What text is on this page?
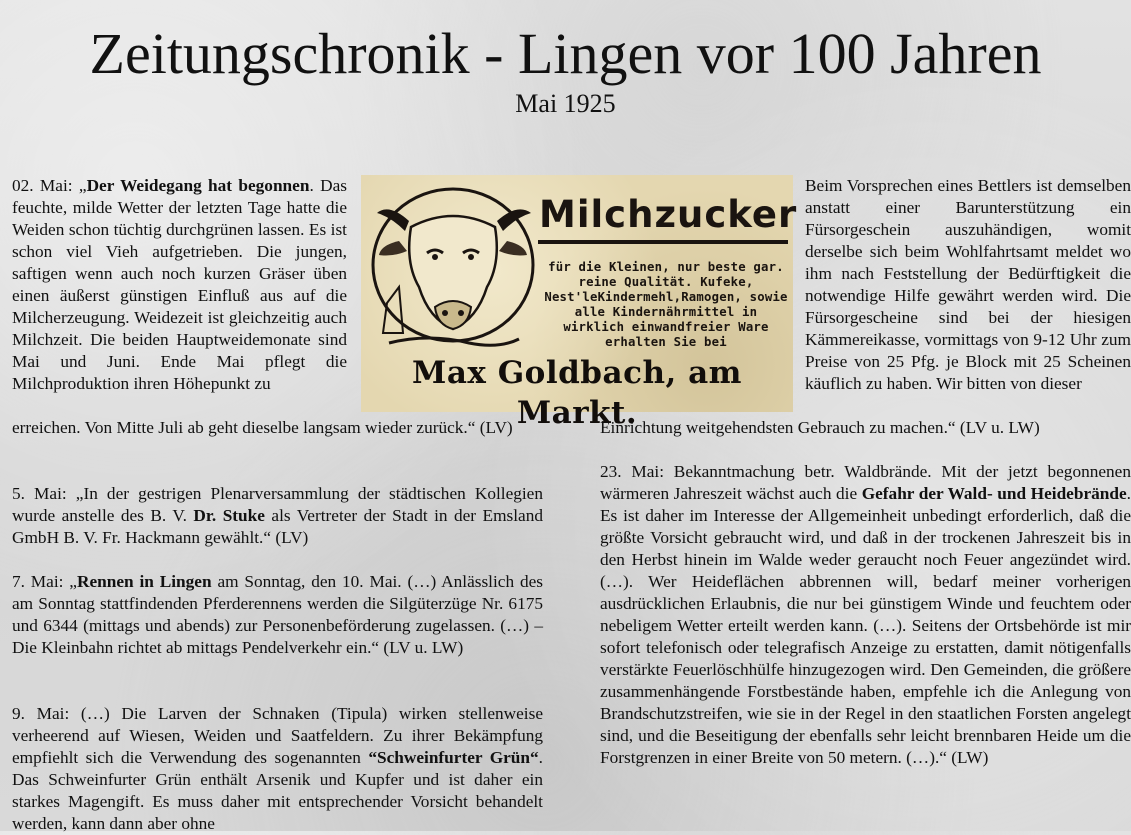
Zeitungschronik - Lingen vor 100 Jahren
Mai 1925

02. Mai: „Der Weidegang hat begonnen. Das feuchte, milde Wetter der letzten Tage hatte die Weiden schon tüchtig durchgrünen lassen. Es ist schon viel Vieh aufgetrieben. Die jungen, saftigen wenn auch noch kurzen Gräser üben einen äußerst günstigen Einfluß aus auf die Milcherzeugung. Weidezeit ist gleichzeitig auch Milchzeit. Die beiden Hauptweidemonate sind Mai und Juni. Ende Mai pflegt die Milchproduktion ihren Höhepunkt zu

erreichen. Von Mitte Juli ab geht dieselbe langsam wieder zurück.“ (LV)

5. Mai: „In der gestrigen Plenarversammlung der städtischen Kollegien wurde anstelle des B. V. Dr. Stuke als Vertreter der Stadt in der Emsland GmbH B. V. Fr. Hackmann gewählt.“ (LV)

7. Mai: „Rennen in Lingen am Sonntag, den 10. Mai. (…) Anlässlich des am Sonntag stattfindenden Pferderennens werden die Silgüterzüge Nr. 6175 und 6344 (mittags und abends) zur Personenbeförderung zugelassen. (…) – Die Kleinbahn richtet ab mittags Pendelverkehr ein.“ (LV u. LW)

9. Mai: (…) Die Larven der Schnaken (Tipula) wirken stellenweise verheerend auf Wiesen, Weiden und Saatfeldern. Zu ihrer Bekämpfung empfiehlt sich die Verwendung des sogenannten “Schweinfurter Grün“. Das Schweinfurter Grün enthält Arsenik und Kupfer und ist daher ein starkes Magengift. Es muss daher mit entsprechender Vorsicht behandelt werden, kann dann aber ohne

Milchzucker
für die Kleinen, nur beste gar. reine Qualität. Kufeke, Nest'leKindermehl,Ramogen, sowie alle Kindernährmittel in wirklich einwandfreier Ware erhalten Sie bei
Max Goldbach, am Markt.

Beim Vorsprechen eines Bettlers ist demselben anstatt einer Barunterstützung ein Fürsorgeschein auszuhändigen, womit derselbe sich beim Wohlfahrtsamt meldet wo ihm nach Feststellung der Bedürftigkeit die notwendige Hilfe gewährt werden wird. Die Fürsorgescheine sind bei der hiesigen Kämmereikasse, vormittags von 9-12 Uhr zum Preise von 25 Pfg. je Block mit 25 Scheinen käuflich zu haben. Wir bitten von dieser

Einrichtung weitgehendsten Gebrauch zu machen.“ (LV u. LW)

23. Mai: Bekanntmachung betr. Waldbrände. Mit der jetzt begonnenen wärmeren Jahreszeit wächst auch die Gefahr der Wald- und Heidebrände. Es ist daher im Interesse der Allgemeinheit unbedingt erforderlich, daß die größte Vorsicht gebraucht wird, und daß in der trockenen Jahreszeit bis in den Herbst hinein im Walde weder geraucht noch Feuer angezündet wird. (…). Wer Heideflächen abbrennen will, bedarf meiner vorherigen ausdrücklichen Erlaubnis, die nur bei günstigem Winde und feuchtem oder nebeligem Wetter erteilt werden kann. (…). Seitens der Ortsbehörde ist mir sofort telefonisch oder telegrafisch Anzeige zu erstatten, damit nötigenfalls verstärkte Feuerlöschhülfe hinzugezogen wird. Den Gemeinden, die größere zusammenhängende Forstbestände haben, empfehle ich die Anlegung von Brandschutzstreifen, wie sie in der Regel in den staatlichen Forsten angelegt sind, und die Beseitigung der ebenfalls sehr leicht brennbaren Heide um die Forstgrenzen in einer Breite von 50 metern. (…).“ (LW)
